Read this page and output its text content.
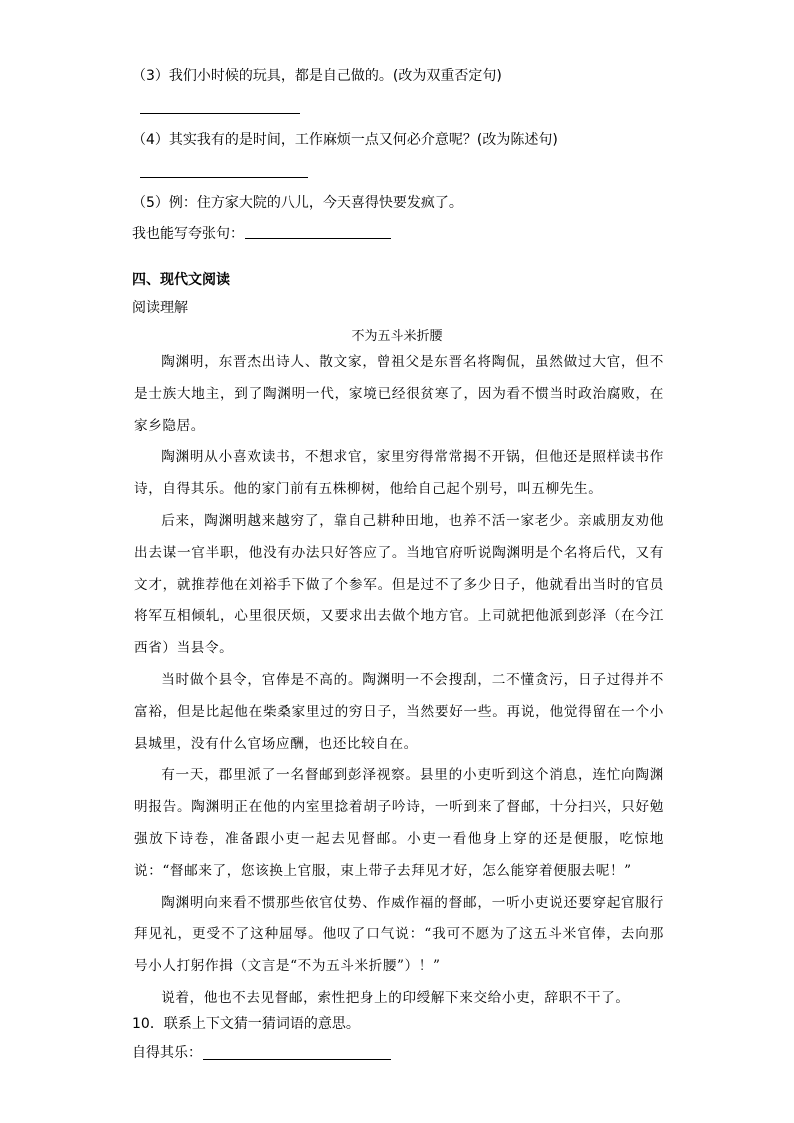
（3）我们小时候的玩具，都是自己做的。(改为双重否定句)
（4）其实我有的是时间，工作麻烦一点又何必介意呢？(改为陈述句)
（5）例：住方家大院的八儿，今天喜得快要发疯了。
我也能写夸张句：
四、现代文阅读
阅读理解
不为五斗米折腰

陶渊明，东晋杰出诗人、散文家，曾祖父是东晋名将陶侃，虽然做过大官，但不是士族大地主，到了陶渊明一代，家境已经很贫寒了，因为看不惯当时政治腐败，在家乡隐居。

陶渊明从小喜欢读书，不想求官，家里穷得常常揭不开锅，但他还是照样读书作诗，自得其乐。他的家门前有五株柳树，他给自己起个别号，叫五柳先生。

后来，陶渊明越来越穷了，靠自己耕种田地，也养不活一家老少。亲戚朋友劝他出去谋一官半职，他没有办法只好答应了。当地官府听说陶渊明是个名将后代，又有文才，就推荐他在刘裕手下做了个参军。但是过不了多少日子，他就看出当时的官员将军互相倾轧，心里很厌烦，又要求出去做个地方官。上司就把他派到彭泽（在今江西省）当县令。

当时做个县令，官俸是不高的。陶渊明一不会搜刮，二不懂贪污，日子过得并不富裕，但是比起他在柴桑家里过的穷日子，当然要好一些。再说，他觉得留在一个小县城里，没有什么官场应酬，也还比较自在。

有一天，郡里派了一名督邮到彭泽视察。县里的小吏听到这个消息，连忙向陶渊明报告。陶渊明正在他的内室里捻着胡子吟诗，一听到来了督邮，十分扫兴，只好勉强放下诗卷，准备跟小吏一起去见督邮。小吏一看他身上穿的还是便服，吃惊地说：“督邮来了，您该换上官服，束上带子去拜见才好，怎么能穿着便服去呢！”

陶渊明向来看不惯那些依官仗势、作威作福的督邮，一听小吏说还要穿起官服行拜见礼，更受不了这种屈辱。他叹了口气说：“我可不愿为了这五斗米官俸，去向那号小人打躬作揖（文言是“不为五斗米折腰”）！”

说着，他也不去见督邮，索性把身上的印绶解下来交给小吏，辞职不干了。

10．联系上下文猜一猜词语的意思。
自得其乐：
